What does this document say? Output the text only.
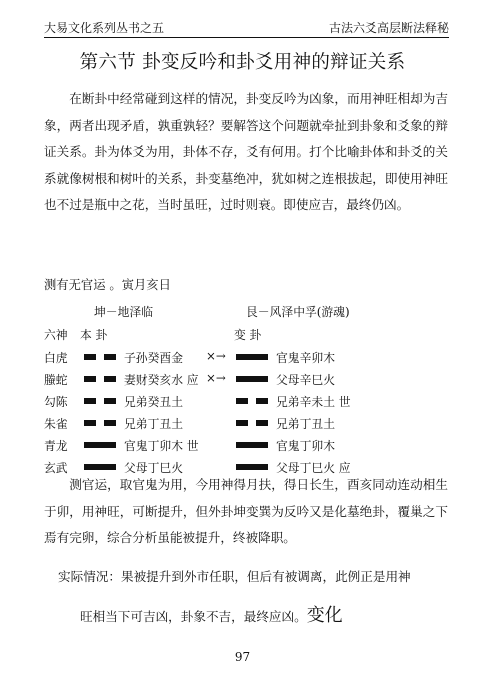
大易文化系列丛书之五	古法六爻高层断法释秘
第六节 卦变反吟和卦爻用神的辩证关系

在断卦中经常碰到这样的情况，卦变反吟为凶象，而用神旺相却为吉象，两者出现矛盾，孰重孰轻？要解答这个问题就牵扯到卦象和爻象的辩证关系。卦为体爻为用，卦体不存，爻有何用。打个比喻卦体和卦爻的关系就像树根和树叶的关系，卦变墓绝冲，犹如树之连根拔起，即使用神旺也不过是瓶中之花，当时虽旺，过时则衰。即使应吉，最终仍凶。

测有无官运 。寅月亥日
坤－地泽临	艮－风泽中孚(游魂)
六神 本 卦	变 卦
白虎	子孙癸酉金 ×→	官鬼辛卯木
螣蛇	妻财癸亥水 应 ×→	父母辛巳火
勾陈	兄弟癸丑土	兄弟辛未土 世
朱雀	兄弟丁丑土	兄弟丁丑土
青龙	官鬼丁卯木 世	官鬼丁卯木
玄武	父母丁巳火	父母丁巳火 应

测官运，取官鬼为用，今用神得月扶，得日长生，酉亥同动连动相生于卯，用神旺，可断提升，但外卦坤变巽为反吟又是化墓绝卦，覆巢之下焉有完卵，综合分析虽能被提升，终被降职。

实际情况：果被提升到外市任职，但后有被调离，此例正是用神
旺相当下可吉凶，卦象不吉，最终应凶。变化
97
